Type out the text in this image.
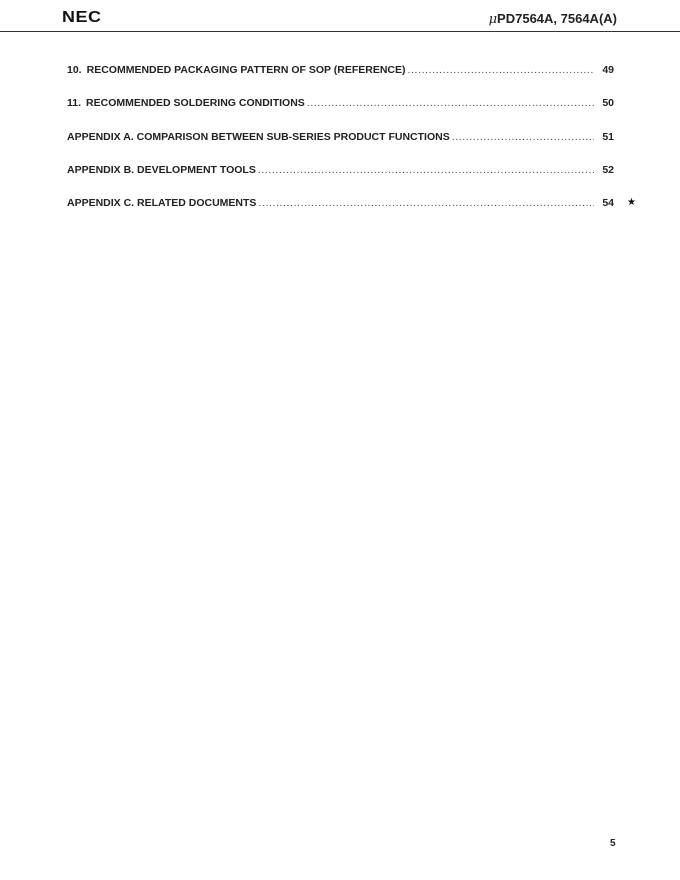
NEC	μPD7564A, 7564A(A)
10. RECOMMENDED PACKAGING PATTERN OF SOP (REFERENCE) .....	49
11. RECOMMENDED SOLDERING CONDITIONS .....	50
APPENDIX A. COMPARISON BETWEEN SUB-SERIES PRODUCT FUNCTIONS .....	51
APPENDIX B. DEVELOPMENT TOOLS .....	52
APPENDIX C. RELATED DOCUMENTS .....	54 ★
5
